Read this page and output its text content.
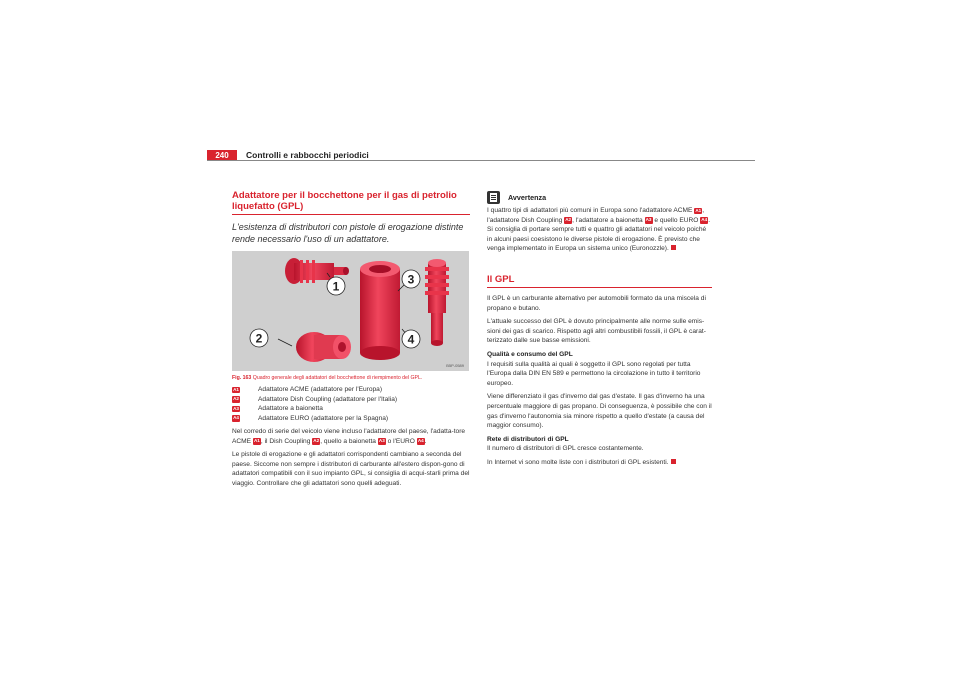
240	Controlli e rabbocchi periodici
Adattatore per il bocchettone per il gas di petrolio liquefatto (GPL)
L'esistenza di distributori con pistole di erogazione distinte rende necessario l'uso di un adattatore.
1
2
3
4
B5P-0589
Fig. 163 Quadro generale degli adattatori del bocchettone di riempimento del GPL.
A1	Adattatore ACME (adattatore per l'Europa)
A2	Adattatore Dish Coupling (adattatore per l'Italia)
A3	Adattatore a baionetta
A4	Adattatore EURO (adattatore per la Spagna)
Nel corredo di serie del veicolo viene incluso l'adattatore del paese, l'adatta-tore ACME A1, il Dish Coupling A2, quello a baionetta A3 o l'EURO A4.
Le pistole di erogazione e gli adattatori corrispondenti cambiano a seconda del paese. Siccome non sempre i distributori di carburante all'estero dispon-gono di adattatori compatibili con il suo impianto GPL, si consiglia di acqui-starli prima del viaggio. Controllare che gli adattatori sono quelli adeguati.
Avvertenza
I quattro tipi di adattatori più comuni in Europa sono l'adattatore ACME A1, l'adattatore Dish Coupling A2, l'adattatore a baionetta A3 e quello EURO A4. Si consiglia di portare sempre tutti e quattro gli adattatori nel veicolo poiché in alcuni paesi coesistono le diverse pistole di erogazione. È previsto che venga implementato in Europa un sistema unico (Euronozzle).
Il GPL
Il GPL è un carburante alternativo per automobili formato da una miscela di propano e butano.
L'attuale successo del GPL è dovuto principalmente alle norme sulle emis-sioni dei gas di scarico. Rispetto agli altri combustibili fossili, il GPL è carat-terizzato dalle sue basse emissioni.
Qualità e consumo del GPL
I requisiti sulla qualità ai quali è soggetto il GPL sono regolati per tutta l'Europa dalla DIN EN 589 e permettono la circolazione in tutto il territorio europeo.
Viene differenziato il gas d'inverno dal gas d'estate. Il gas d'inverno ha una percentuale maggiore di gas propano. Di conseguenza, è possibile che con il gas d'inverno l'autonomia sia minore rispetto a quello d'estate (a causa del maggior consumo).
Rete di distributori di GPL
Il numero di distributori di GPL cresce costantemente.
In Internet vi sono molte liste con i distributori di GPL esistenti.
